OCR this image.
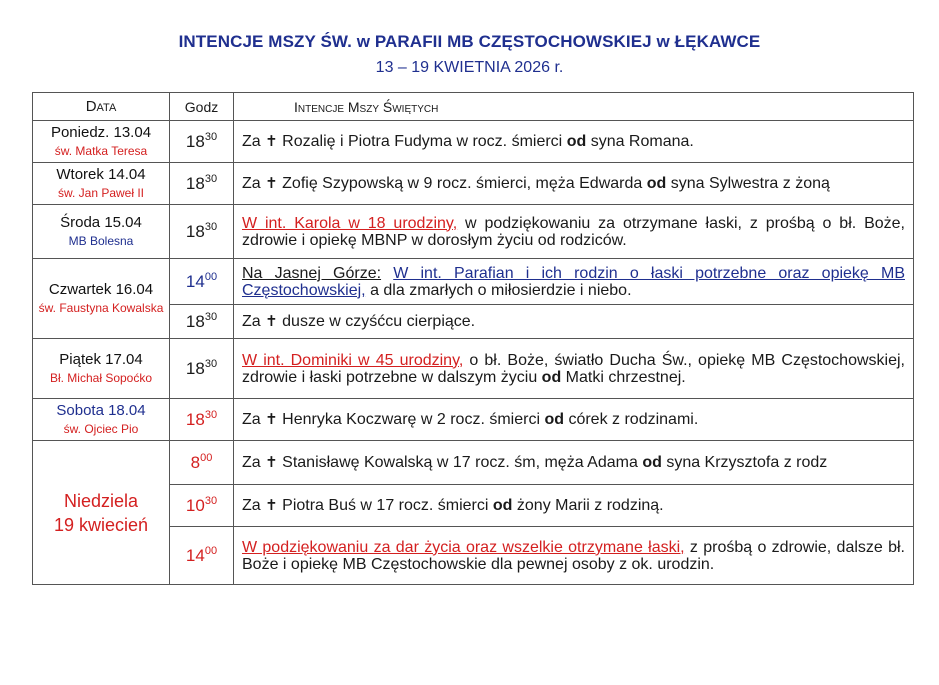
INTENCJE MSZY ŚW. w PARAFII MB CZĘSTOCHOWSKIEJ w ŁĘKAWCE
13 – 19 KWIETNIA 2026 r.
Data	Godz	Intencje Mszy Świętych

Poniedz. 13.04
św. Matka Teresa	$18^{30}$	Za ✝ Rozalię i Piotra Fudyma w rocz. śmierci od syna Romana.

Wtorek 14.04
św. Jan Paweł II	$18^{30}$	Za ✝ Zofię Szypowską w 9 rocz. śmierci, męża Edwarda od syna Sylwestra z żoną

Środa 15.04
MB Bolesna	$18^{30}$	W int. Karola w 18 urodziny, w podziękowaniu za otrzymane łaski, z prośbą o bł. Boże, zdrowie i opiekę MBNP w dorosłym życiu od rodziców.

Czwartek 16.04
św. Faustyna Kowalska	$14^{00}$	Na Jasnej Górze: W int. Parafian i ich rodzin o łaski potrzebne oraz opiekę MB Częstochowskiej, a dla zmarłych o miłosierdzie i niebo.
	$18^{30}$	Za ✝ dusze w czyśćcu cierpiące.

Piątek 17.04
Bł. Michał Sopoćko	$18^{30}$	W int. Dominiki w 45 urodziny, o bł. Boże, światło Ducha Św., opiekę MB Częstochowskiej, zdrowie i łaski potrzebne w dalszym życiu od Matki chrzestnej.

Sobota 18.04
św. Ojciec Pio	$18^{30}$	Za ✝ Henryka Koczwarę w 2 rocz. śmierci od córek z rodzinami.

Niedziela
19 kwiecień	$8^{00}$	Za ✝ Stanisławę Kowalską w 17 rocz. śm, męża Adama od syna Krzysztofa z rodz
	$10^{30}$	Za ✝ Piotra Buś w 17 rocz. śmierci od żony Marii z rodziną.
	$14^{00}$	W podziękowaniu za dar życia oraz wszelkie otrzymane łaski, z prośbą o zdrowie, dalsze bł. Boże i opiekę MB Częstochowskie dla pewnej osoby z ok. urodzin.
